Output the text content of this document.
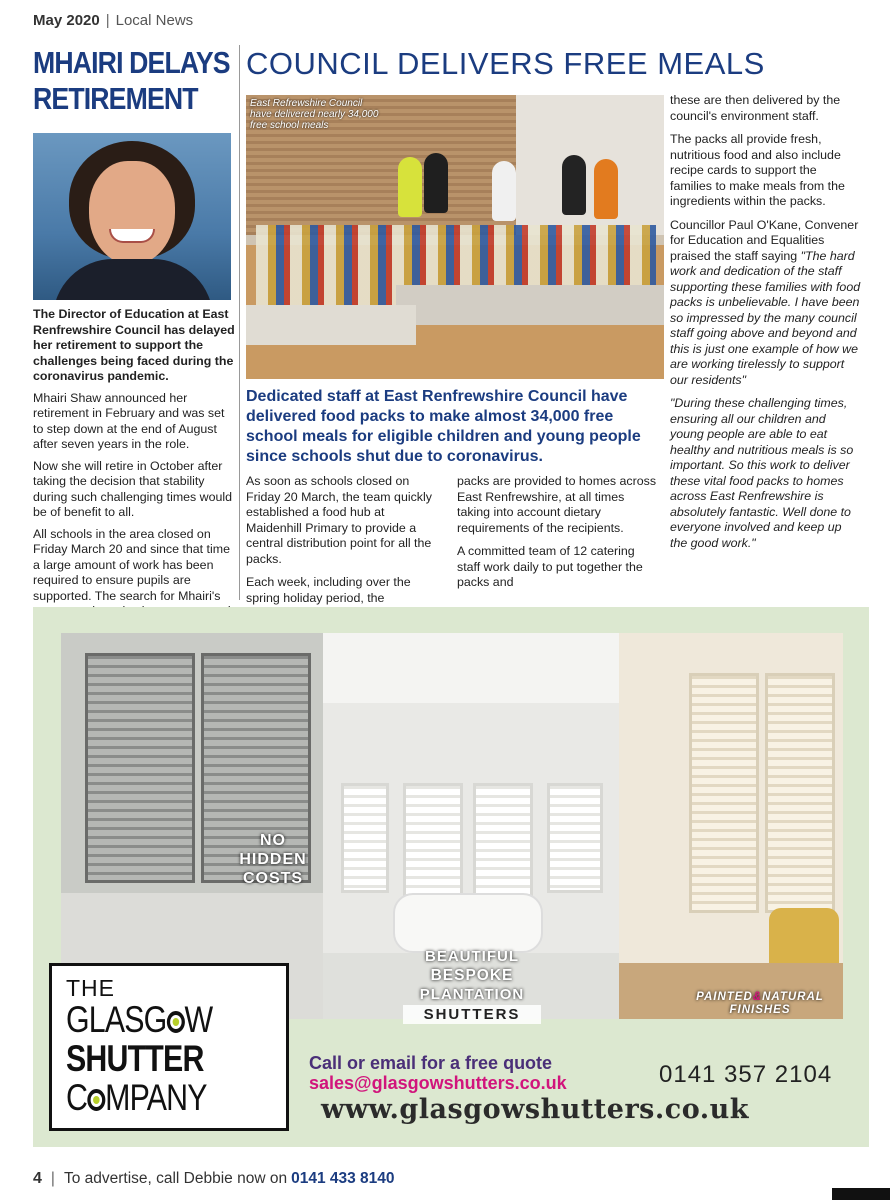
May 2020 | Local News
MHAIRI DELAYS RETIREMENT

The Director of Education at East Renfrewshire Council has delayed her retirement to support the challenges being faced during the coronavirus pandemic.

Mhairi Shaw announced her retirement in February and was set to step down at the end of August after seven years in the role.

Now she will retire in October after taking the decision that stability during such challenging times would be of benefit to all.

All schools in the area closed on Friday March 20 and since that time a large amount of work has been required to ensure pupils are supported. The search for Mhairi's

COUNCIL DELIVERS FREE MEALS
East Refrewshire Council have delivered nearly 34,000 free school meals
Dedicated staff at East Renfrewshire Council have delivered food packs to make almost 34,000 free school meals for eligible children and young people since schools shut due to coronavirus.

As soon as schools closed on Friday 20 March, the team quickly established a food hub at Maidenhill Primary to provide a central distribution point for all the packs.

Each week, including over the spring holiday period, the

packs are provided to homes across East Renfrewshire, at all times taking into account dietary requirements of the recipients.

A committed team of 12 catering staff work daily to put together the packs and

these are then delivered by the council's environment staff.

The packs all provide fresh, nutritious food and also include recipe cards to support the families to make meals from the ingredients within the packs.

Councillor Paul O'Kane, Convener for Education and Equalities praised the staff saying "The hard work and dedication of the staff supporting these families with food packs is unbelievable. I have been so impressed by the many council staff going above and beyond and this is just one example of how we are working tirelessly to support our residents"

"During these challenging times, ensuring all our children and young people are able to eat healthy and nutritious meals is so important. So this work to deliver these vital food packs to homes across East Renfrewshire is absolutely fantastic. Well done to everyone involved and keep up the good work."

NO
HIDDEN
COSTS
BEAUTIFUL
BESPOKE
PLANTATION
SHUTTERS
PAINTED&NATURAL
FINISHES
THE
GLASG W
SHUTTER
C MPANY
Call or email for a free quote
sales@glasgowshutters.co.uk	0141 357 2104
www.glasgowshutters.co.uk
4 | To advertise, call Debbie now on 0141 433 8140
